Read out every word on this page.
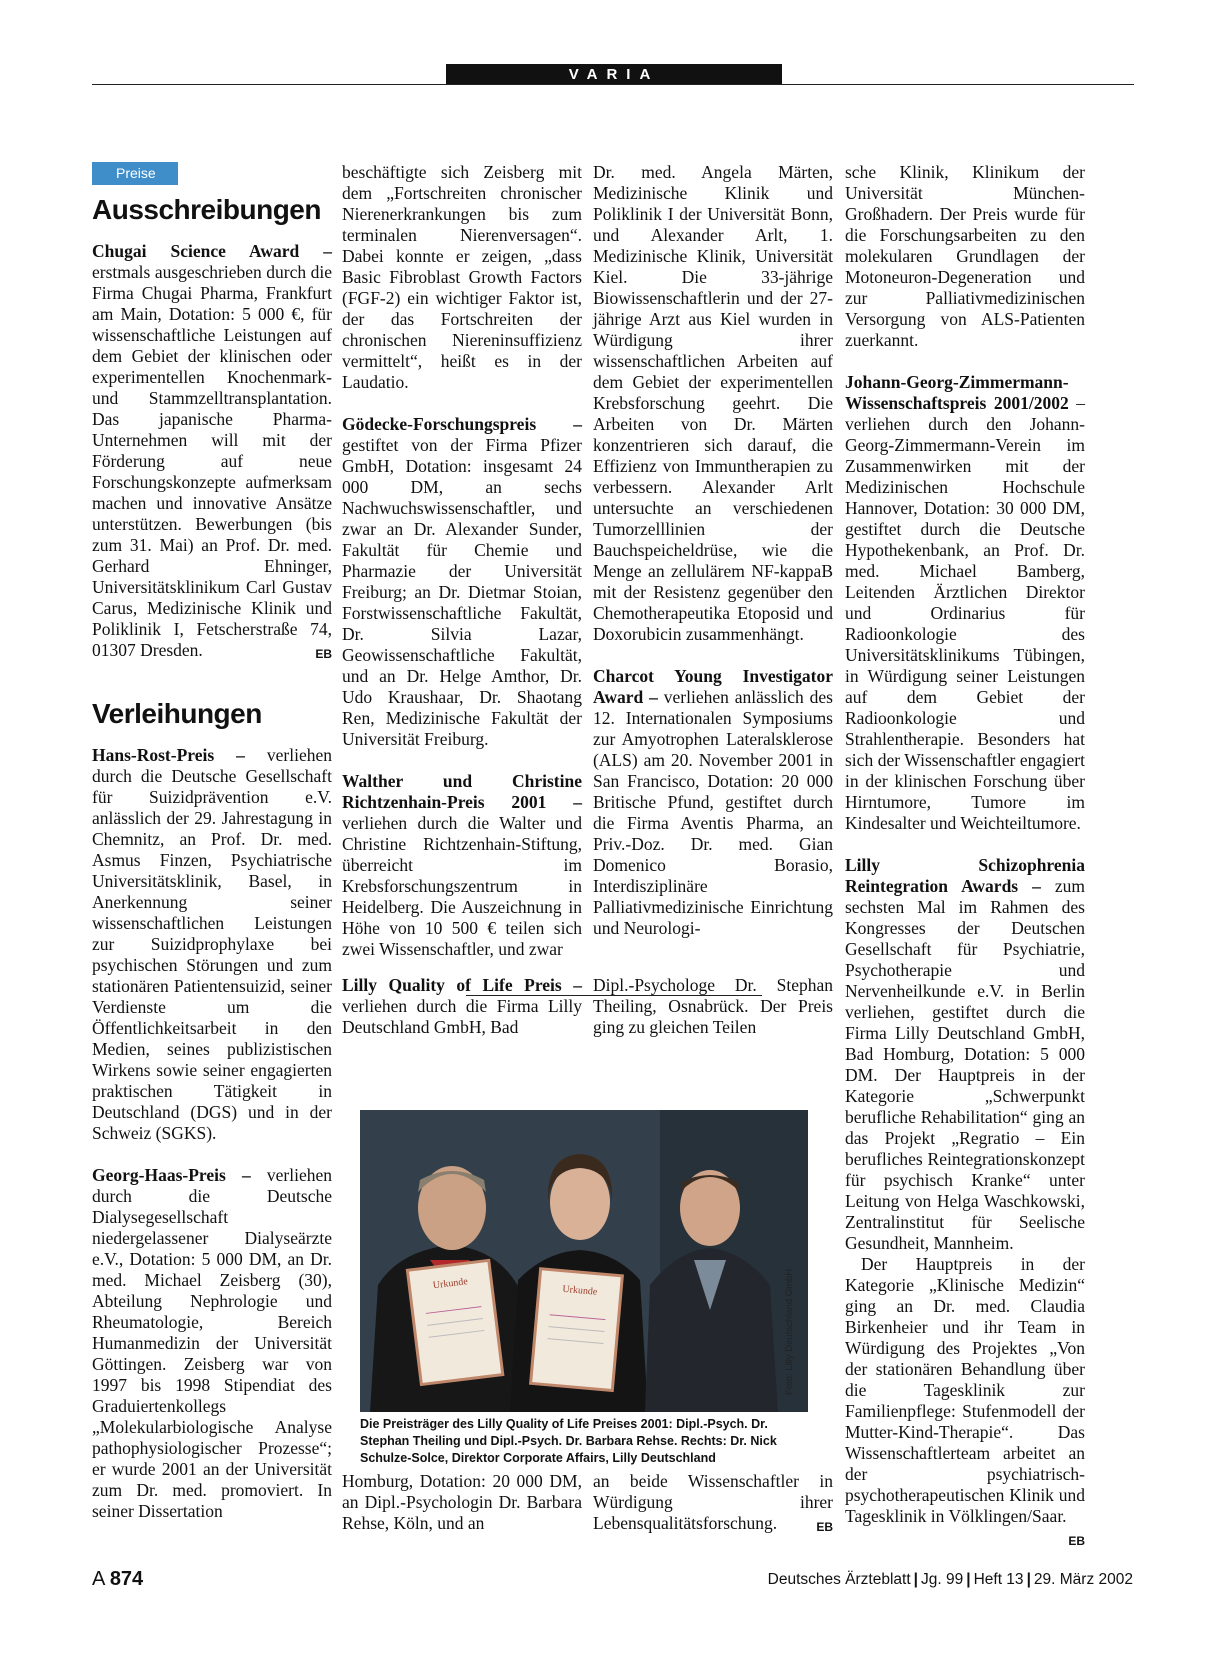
VARIA
Preise
Ausschreibungen

Chugai Science Award – erstmals ausgeschrieben durch die Firma Chugai Pharma, Frankfurt am Main, Dotation: 5 000 €, für wissenschaftliche Leistungen auf dem Gebiet der klinischen oder experimentellen Knochenmark- und Stammzelltransplantation. Das japanische Pharma-Unternehmen will mit der Förderung auf neue Forschungskonzepte aufmerksam machen und innovative Ansätze unterstützen. Bewerbungen (bis zum 31. Mai) an Prof. Dr. med. Gerhard Ehninger, Universitätsklinikum Carl Gustav Carus, Medizinische Klinik und Poliklinik I, Fetscherstraße 74, 01307 Dresden.	EB

Verleihungen

Hans-Rost-Preis – verliehen durch die Deutsche Gesellschaft für Suizidprävention e.V. anlässlich der 29. Jahrestagung in Chemnitz, an Prof. Dr. med. Asmus Finzen, Psychiatrische Universitätsklinik, Basel, in Anerkennung seiner wissenschaftlichen Leistungen zur Suizidprophylaxe bei psychischen Störungen und zum stationären Patientensuizid, seiner Verdienste um die Öffentlichkeitsarbeit in den Medien, seines publizistischen Wirkens sowie seiner engagierten praktischen Tätigkeit in Deutschland (DGS) und in der Schweiz (SGKS).

Georg-Haas-Preis – verliehen durch die Deutsche Dialysegesellschaft niedergelassener Dialyseärzte e.V., Dotation: 5 000 DM, an Dr. med. Michael Zeisberg (30), Abteilung Nephrologie und Rheumatologie, Bereich Humanmedizin der Universität Göttingen. Zeisberg war von 1997 bis 1998 Stipendiat des Graduiertenkollegs „Molekularbiologische Analyse pathophysiologischer Prozesse“; er wurde 2001 an der Universität zum Dr. med. promoviert. In seiner Dissertation

beschäftigte sich Zeisberg mit dem „Fortschreiten chronischer Nierenerkrankungen bis zum terminalen Nierenversagen“. Dabei konnte er zeigen, „dass Basic Fibroblast Growth Factors (FGF-2) ein wichtiger Faktor ist, der das Fortschreiten der chronischen Niereninsuffizienz vermittelt“, heißt es in der Laudatio.

Gödecke-Forschungspreis – gestiftet von der Firma Pfizer GmbH, Dotation: insgesamt 24 000 DM, an sechs Nachwuchswissenschaftler, und zwar an Dr. Alexander Sunder, Fakultät für Chemie und Pharmazie der Universität Freiburg; an Dr. Dietmar Stoian, Forstwissenschaftliche Fakultät, Dr. Silvia Lazar, Geowissenschaftliche Fakultät, und an Dr. Helge Amthor, Dr. Udo Kraushaar, Dr. Shaotang Ren, Medizinische Fakultät der Universität Freiburg.

Walther und Christine Richtzenhain-Preis 2001 – verliehen durch die Walter und Christine Richtzenhain-Stiftung, überreicht im Krebsforschungszentrum in Heidelberg. Die Auszeichnung in Höhe von 10 500 € teilen sich zwei Wissenschaftler, und zwar

Dr. med. Angela Märten, Medizinische Klinik und Poliklinik I der Universität Bonn, und Alexander Arlt, 1. Medizinische Klinik, Universität Kiel. Die 33-jährige Biowissenschaftlerin und der 27-jährige Arzt aus Kiel wurden in Würdigung ihrer wissenschaftlichen Arbeiten auf dem Gebiet der experimentellen Krebsforschung geehrt. Die Arbeiten von Dr. Märten konzentrieren sich darauf, die Effizienz von Immuntherapien zu verbessern. Alexander Arlt untersuchte an verschiedenen Tumorzelllinien der Bauchspeicheldrüse, wie die Menge an zellulärem NF-kappaB mit der Resistenz gegenüber den Chemotherapeutika Etoposid und Doxorubicin zusammenhängt.

Charcot Young Investigator Award – verliehen anlässlich des 12. Internationalen Symposiums zur Amyotrophen Lateralsklerose (ALS) am 20. November 2001 in San Francisco, Dotation: 20 000 Britische Pfund, gestiftet durch die Firma Aventis Pharma, an Priv.-Doz. Dr. med. Gian Domenico Borasio, Interdisziplinäre Palliativmedizinische Einrichtung und Neurologi-

sche Klinik, Klinikum der Universität München-Großhadern. Der Preis wurde für die Forschungsarbeiten zu den molekularen Grundlagen der Motoneuron-Degeneration und zur Palliativmedizinischen Versorgung von ALS-Patienten zuerkannt.

Johann-Georg-Zimmermann-Wissenschaftspreis 2001/2002 – verliehen durch den Johann-Georg-Zimmermann-Verein im Zusammenwirken mit der Medizinischen Hochschule Hannover, Dotation: 30 000 DM, gestiftet durch die Deutsche Hypothekenbank, an Prof. Dr. med. Michael Bamberg, Leitenden Ärztlichen Direktor und Ordinarius für Radioonkologie des Universitätsklinikums Tübingen, in Würdigung seiner Leistungen auf dem Gebiet der Radioonkologie und Strahlentherapie. Besonders hat sich der Wissenschaftler engagiert in der klinischen Forschung über Hirntumore, Tumore im Kindesalter und Weichteiltumore.

Lilly Schizophrenia Reintegration Awards – zum sechsten Mal im Rahmen des Kongresses der Deutschen Gesellschaft für Psychiatrie, Psychotherapie und Nervenheilkunde e.V. in Berlin verliehen, gestiftet durch die Firma Lilly Deutschland GmbH, Bad Homburg, Dotation: 5 000 DM. Der Hauptpreis in der Kategorie „Schwerpunkt berufliche Rehabilitation“ ging an das Projekt „Regratio – Ein berufliches Reintegrationskonzept für psychisch Kranke“ unter Leitung von Helga Waschkowski, Zentralinstitut für Seelische Gesundheit, Mannheim.

Der Hauptpreis in der Kategorie „Klinische Medizin“ ging an Dr. med. Claudia Birkenheier und ihr Team in Würdigung des Projektes „Von der stationären Behandlung über die Tagesklinik zur Familienpflege: Stufenmodell der Mutter-Kind-Therapie“. Das Wissenschaftlerteam arbeitet an der psychiatrisch-psychotherapeutischen Klinik und Tagesklinik in Völklingen/Saar.
EB

Lilly Quality of Life Preis – verliehen durch die Firma Lilly Deutschland GmbH, Bad

Dipl.-Psychologe Dr. Stephan Theiling, Osnabrück. Der Preis ging zu gleichen Teilen

Urkunde	Urkunde	Foto: Lilly Deutschland GmbH
Die Preisträger des Lilly Quality of Life Preises 2001: Dipl.-Psych. Dr. Stephan Theiling und Dipl.-Psych. Dr. Barbara Rehse. Rechts: Dr. Nick Schulze-Solce, Direktor Corporate Affairs, Lilly Deutschland

Homburg, Dotation: 20 000 DM, an Dipl.-Psychologin Dr. Barbara Rehse, Köln, und an

an beide Wissenschaftler in Würdigung ihrer Lebensqualitätsforschung.	EB

A 874	Deutsches Ärzteblatt | Jg. 99 | Heft 13 | 29. März 2002
